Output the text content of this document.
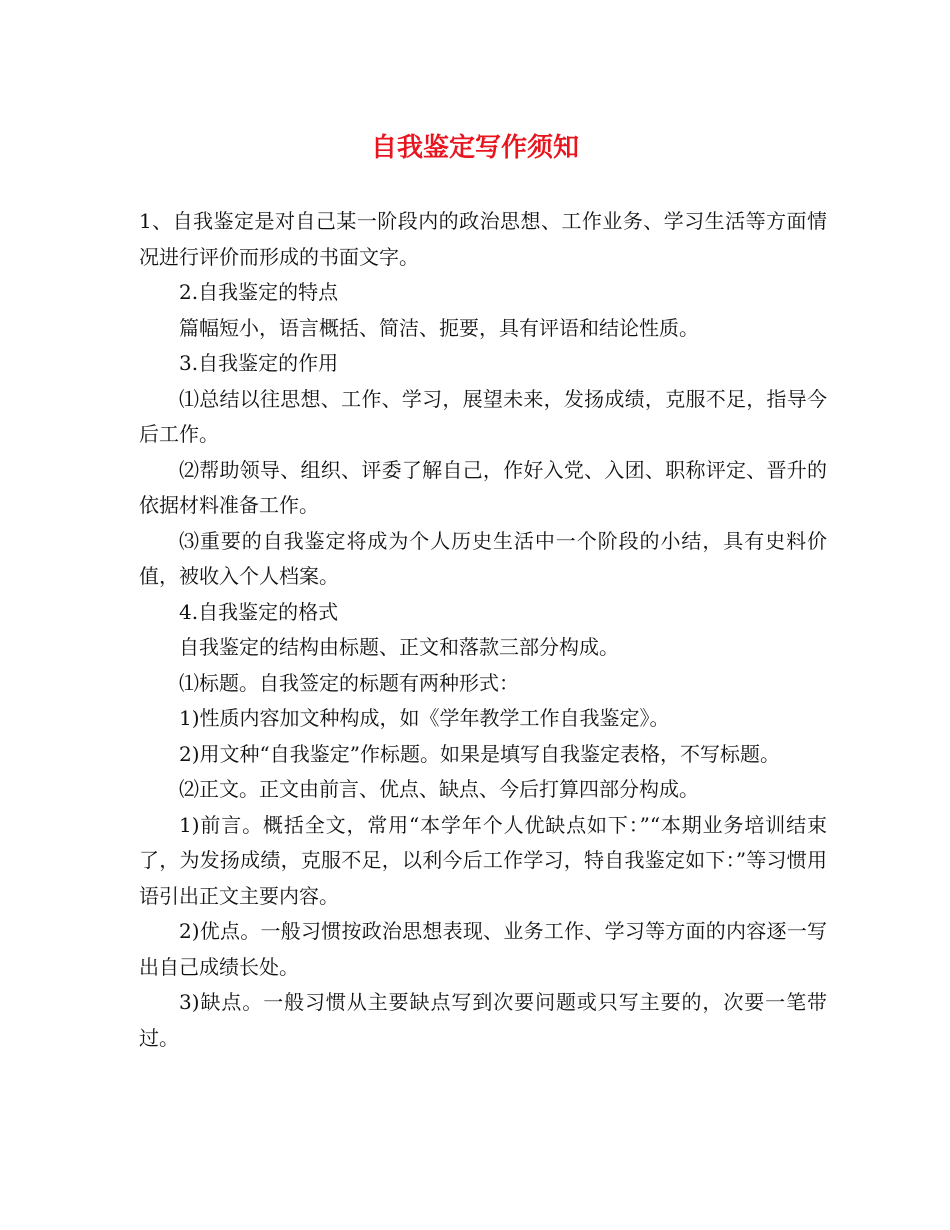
自我鉴定写作须知

1、自我鉴定是对自己某一阶段内的政治思想、工作业务、学习生活等方面情况进行评价而形成的书面文字。

2.自我鉴定的特点

篇幅短小，语言概括、简洁、扼要，具有评语和结论性质。

3.自我鉴定的作用

⑴总结以往思想、工作、学习，展望未来，发扬成绩，克服不足，指导今后工作。

⑵帮助领导、组织、评委了解自己，作好入党、入团、职称评定、晋升的依据材料准备工作。

⑶重要的自我鉴定将成为个人历史生活中一个阶段的小结，具有史料价值，被收入个人档案。

4.自我鉴定的格式

自我鉴定的结构由标题、正文和落款三部分构成。

⑴标题。自我签定的标题有两种形式：

1)性质内容加文种构成，如《学年教学工作自我鉴定》。

2)用文种“自我鉴定”作标题。如果是填写自我鉴定表格，不写标题。

⑵正文。正文由前言、优点、缺点、今后打算四部分构成。

1)前言。概括全文，常用“本学年个人优缺点如下：”“本期业务培训结束了，为发扬成绩，克服不足，以利今后工作学习，特自我鉴定如下：”等习惯用语引出正文主要内容。

2)优点。一般习惯按政治思想表现、业务工作、学习等方面的内容逐一写出自己成绩长处。

3)缺点。一般习惯从主要缺点写到次要问题或只写主要的，次要一笔带过。
